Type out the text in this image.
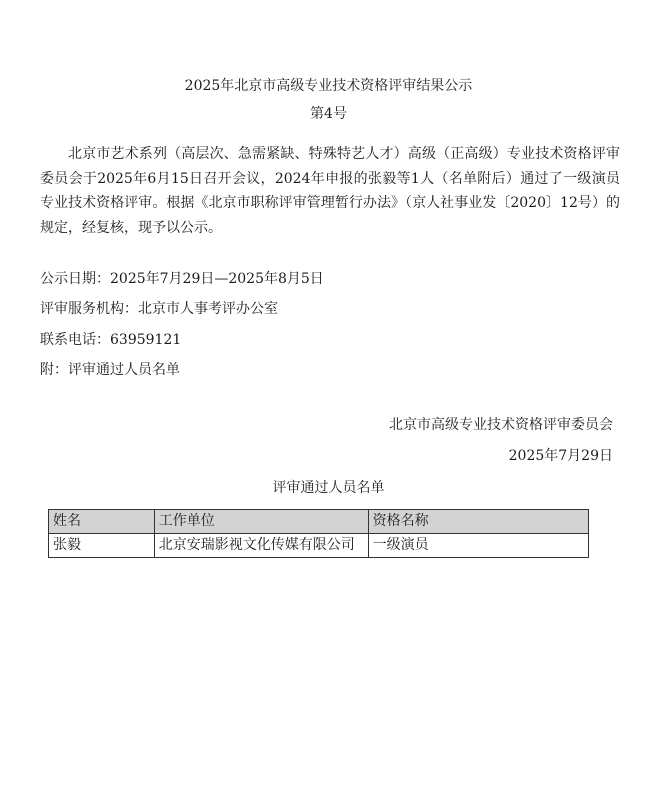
2025年北京市高级专业技术资格评审结果公示
第4号
北京市艺术系列（高层次、急需紧缺、特殊特艺人才）高级（正高级）专业技术资格评审委员会于2025年6月15日召开会议，2024年申报的张毅等1人（名单附后）通过了一级演员专业技术资格评审。根据《北京市职称评审管理暂行办法》（京人社事业发〔2020〕12号）的规定，经复核，现予以公示。
公示日期：2025年7月29日—2025年8月5日
评审服务机构：北京市人事考评办公室
联系电话：63959121
附：评审通过人员名单
北京市高级专业技术资格评审委员会
2025年7月29日
评审通过人员名单
姓名	工作单位	资格名称
张毅	北京安瑞影视文化传媒有限公司	一级演员
